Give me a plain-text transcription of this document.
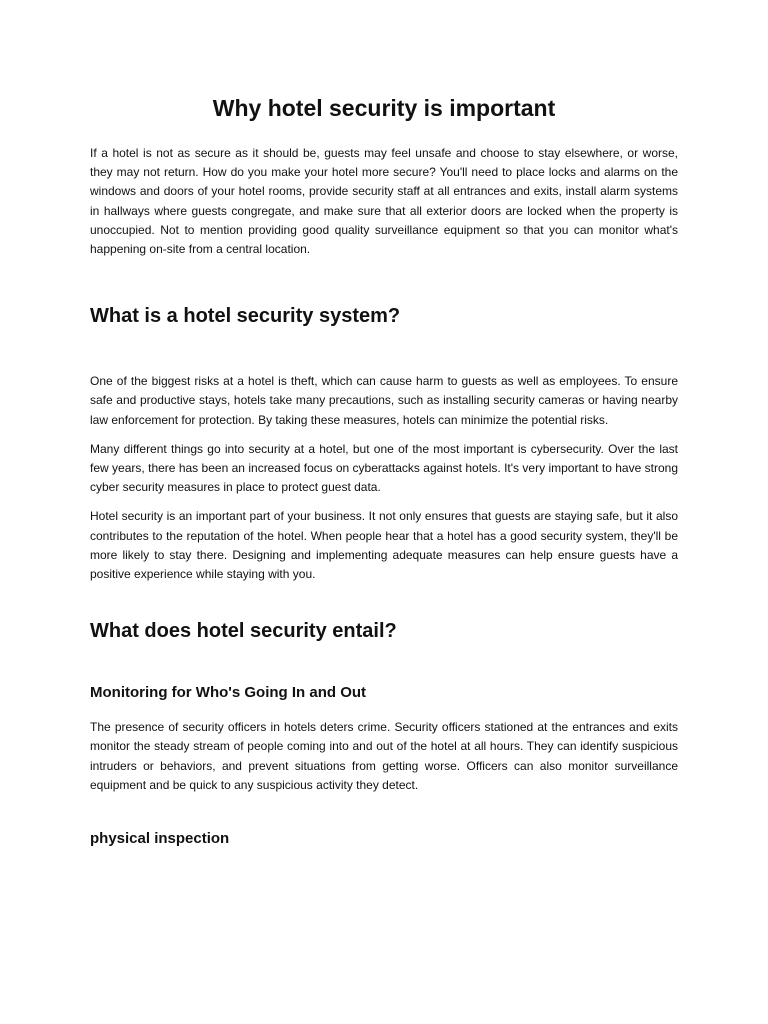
Why hotel security is important

If a hotel is not as secure as it should be, guests may feel unsafe and choose to stay elsewhere, or worse, they may not return. How do you make your hotel more secure? You'll need to place locks and alarms on the windows and doors of your hotel rooms, provide security staff at all entrances and exits, install alarm systems in hallways where guests congregate, and make sure that all exterior doors are locked when the property is unoccupied. Not to mention providing good quality surveillance equipment so that you can monitor what's happening on-site from a central location.

What is a hotel security system?

One of the biggest risks at a hotel is theft, which can cause harm to guests as well as employees. To ensure safe and productive stays, hotels take many precautions, such as installing security cameras or having nearby law enforcement for protection. By taking these measures, hotels can minimize the potential risks.

Many different things go into security at a hotel, but one of the most important is cybersecurity. Over the last few years, there has been an increased focus on cyberattacks against hotels. It's very important to have strong cyber security measures in place to protect guest data.

Hotel security is an important part of your business. It not only ensures that guests are staying safe, but it also contributes to the reputation of the hotel. When people hear that a hotel has a good security system, they'll be more likely to stay there. Designing and implementing adequate measures can help ensure guests have a positive experience while staying with you.

What does hotel security entail?
Monitoring for Who's Going In and Out

The presence of security officers in hotels deters crime. Security officers stationed at the entrances and exits monitor the steady stream of people coming into and out of the hotel at all hours. They can identify suspicious intruders or behaviors, and prevent situations from getting worse. Officers can also monitor surveillance equipment and be quick to any suspicious activity they detect.

physical inspection
